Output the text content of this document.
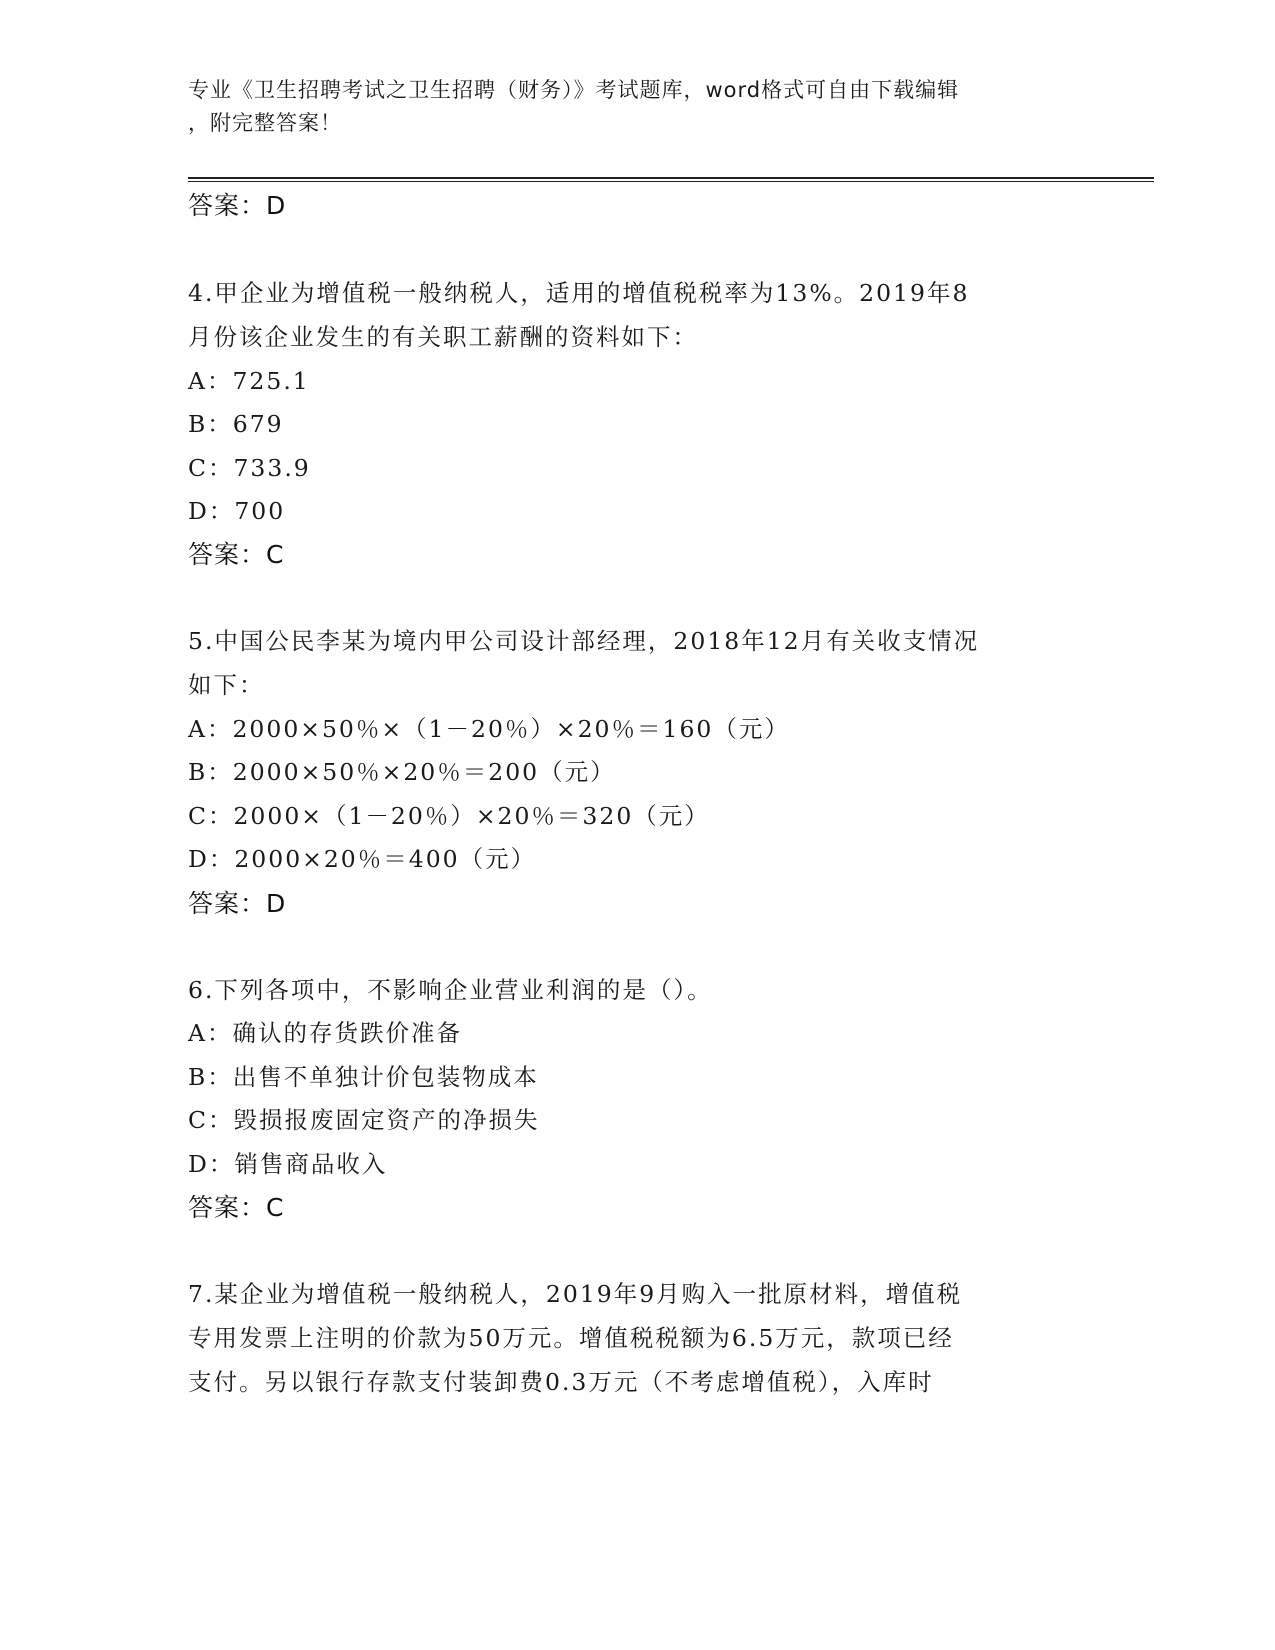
专业《卫生招聘考试之卫生招聘（财务）》考试题库，word格式可自由下载编辑
，附完整答案！
答案：D
4.甲企业为增值税一般纳税人，适用的增值税税率为13%。2019年8
月份该企业发生的有关职工薪酬的资料如下：
A：725.1
B：679
C：733.9
D：700
答案：C
5.中国公民李某为境内甲公司设计部经理，2018年12月有关收支情况
如下：
A：2000×50％×（1－20％）×20％＝160（元）
B：2000×50％×20％＝200（元）
C：2000×（1－20％）×20％＝320（元）
D：2000×20％＝400（元）
答案：D
6.下列各项中，不影响企业营业利润的是（）。
A：确认的存货跌价准备
B：出售不单独计价包装物成本
C：毁损报废固定资产的净损失
D：销售商品收入
答案：C
7.某企业为增值税一般纳税人，2019年9月购入一批原材料，增值税
专用发票上注明的价款为50万元。增值税税额为6.5万元，款项已经
支付。另以银行存款支付装卸费0.3万元（不考虑增值税），入库时
